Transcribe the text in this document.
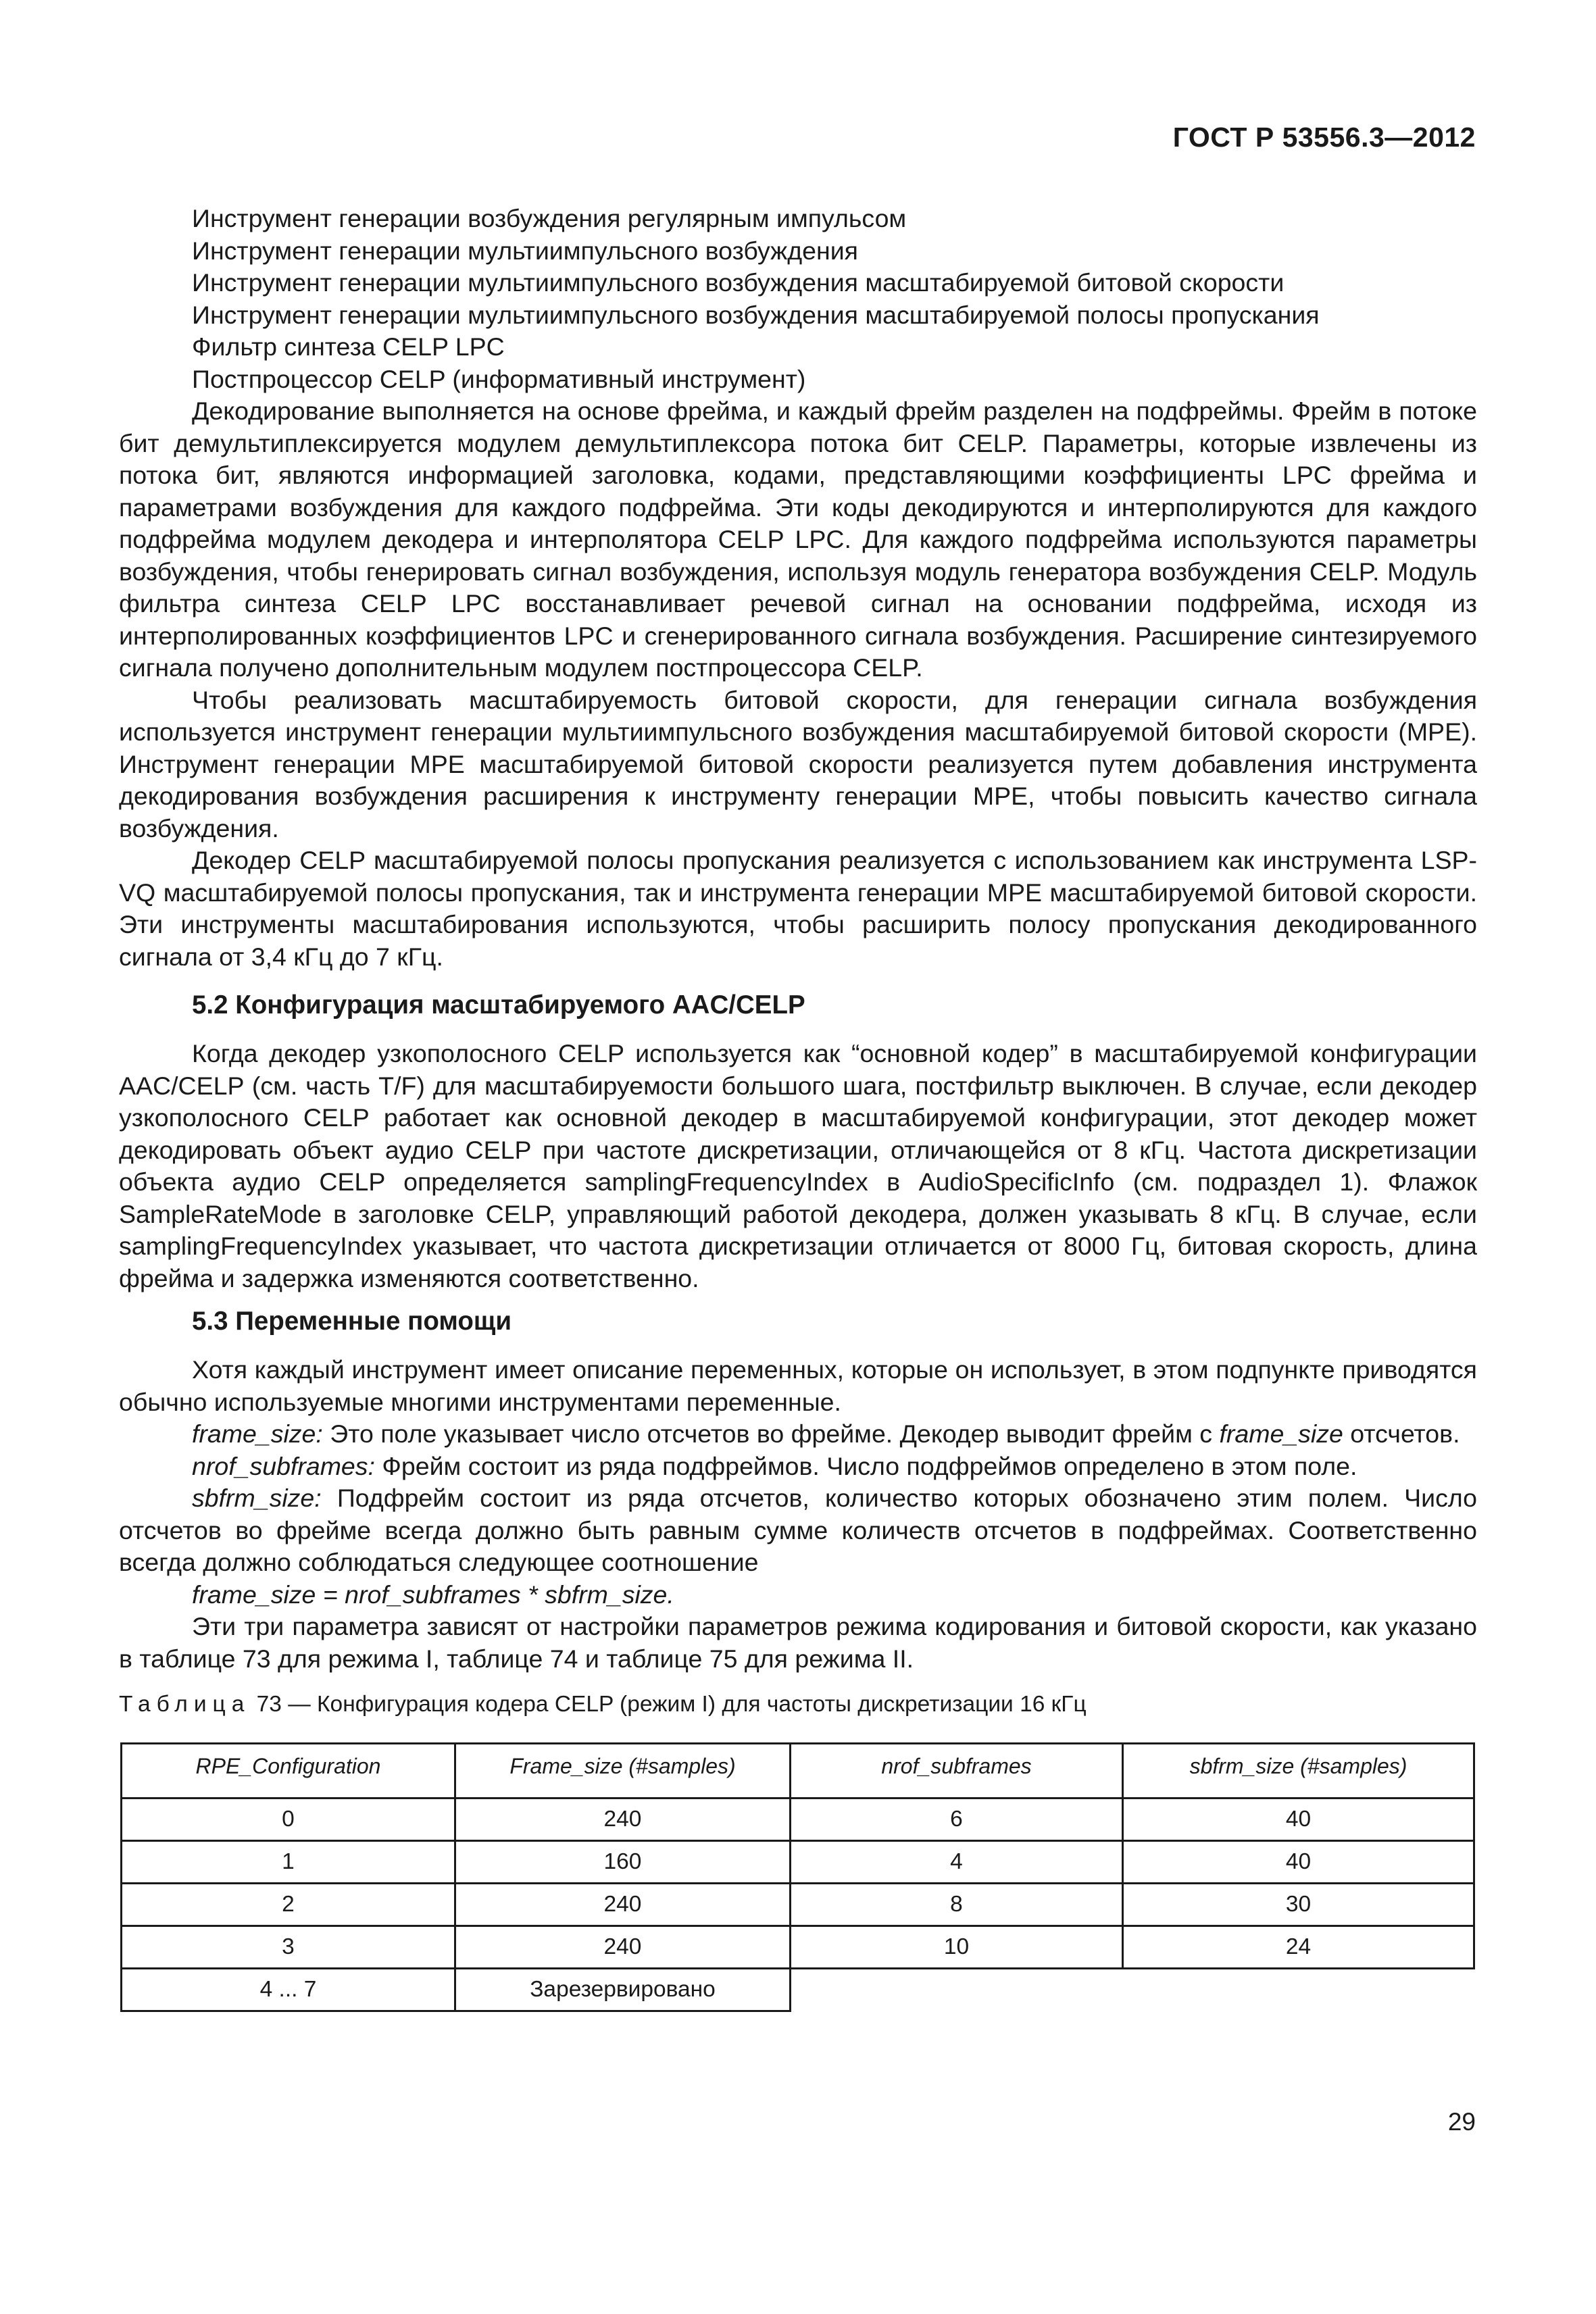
ГОСТ Р 53556.3—2012

Инструмент генерации возбуждения регулярным импульсом

Инструмент генерации мультиимпульсного возбуждения

Инструмент генерации мультиимпульсного возбуждения масштабируемой битовой скорости

Инструмент генерации мультиимпульсного возбуждения масштабируемой полосы пропускания

Фильтр синтеза CELP LPC

Постпроцессор CELP (информативный инструмент)

Декодирование выполняется на основе фрейма, и каждый фрейм разделен на подфреймы. Фрейм в потоке бит демультиплексируется модулем демультиплексора потока бит CELP. Параметры, которые извлечены из потока бит, являются информацией заголовка, кодами, представляющими коэффициенты LPC фрейма и параметрами возбуждения для каждого подфрейма. Эти коды декодируются и интерполируются для каждого подфрейма модулем декодера и интерполятора CELP LPC. Для каждого подфрейма используются параметры возбуждения, чтобы генерировать сигнал возбуждения, используя модуль генератора возбуждения CELP. Модуль фильтра синтеза CELP LPC восстанавливает речевой сигнал на основании подфрейма, исходя из интерполированных коэффициентов LPC и сгенерированного сигнала возбуждения. Расширение синтезируемого сигнала получено дополнительным модулем постпроцессора CELP.

Чтобы реализовать масштабируемость битовой скорости, для генерации сигнала возбуждения используется инструмент генерации мультиимпульсного возбуждения масштабируемой битовой скорости (MPE). Инструмент генерации MPE масштабируемой битовой скорости реализуется путем добавления инструмента декодирования возбуждения расширения к инструменту генерации MPE, чтобы повысить качество сигнала возбуждения.

Декодер CELP масштабируемой полосы пропускания реализуется с использованием как инструмента LSP-VQ масштабируемой полосы пропускания, так и инструмента генерации MPE масштабируемой битовой скорости. Эти инструменты масштабирования используются, чтобы расширить полосу пропускания декодированного сигнала от 3,4 кГц до 7 кГц.

5.2 Конфигурация масштабируемого AAC/CELP

Когда декодер узкополосного CELP используется как “основной кодер” в масштабируемой конфигурации AAC/CELP (см. часть T/F) для масштабируемости большого шага, постфильтр выключен. В случае, если декодер узкополосного CELP работает как основной декодер в масштабируемой конфигурации, этот декодер может декодировать объект аудио CELP при частоте дискретизации, отличающейся от 8 кГц. Частота дискретизации объекта аудио CELP определяется samplingFrequencyIndex в AudioSpecificInfo (см. подраздел 1). Флажок SampleRateMode в заголовке CELP, управляющий работой декодера, должен указывать 8 кГц. В случае, если samplingFrequencyIndex указывает, что частота дискретизации отличается от 8000 Гц, битовая скорость, длина фрейма и задержка изменяются соответственно.

5.3 Переменные помощи

Хотя каждый инструмент имеет описание переменных, которые он использует, в этом подпункте приводятся обычно используемые многими инструментами переменные.

frame_size: Это поле указывает число отсчетов во фрейме. Декодер выводит фрейм с frame_size отсчетов.

nrof_subframes: Фрейм состоит из ряда подфреймов. Число подфреймов определено в этом поле.

sbfrm_size: Подфрейм состоит из ряда отсчетов, количество которых обозначено этим полем. Число отсчетов во фрейме всегда должно быть равным сумме количеств отсчетов в подфреймах. Соответственно всегда должно соблюдаться следующее соотношение

frame_size = nrof_subframes * sbfrm_size.

Эти три параметра зависят от настройки параметров режима кодирования и битовой скорости, как указано в таблице 73 для режима I, таблице 74 и таблице 75 для режима II.

Таблица 73 — Конфигурация кодера CELP (режим I) для частоты дискретизации 16 кГц

RPE_Configuration	Frame_size (#samples)	nrof_subframes	sbfrm_size (#samples)

0	240	6	40
1	160	4	40
2	240	8	30
3	240	10	24
4 ... 7	Зарезервировано		
29
